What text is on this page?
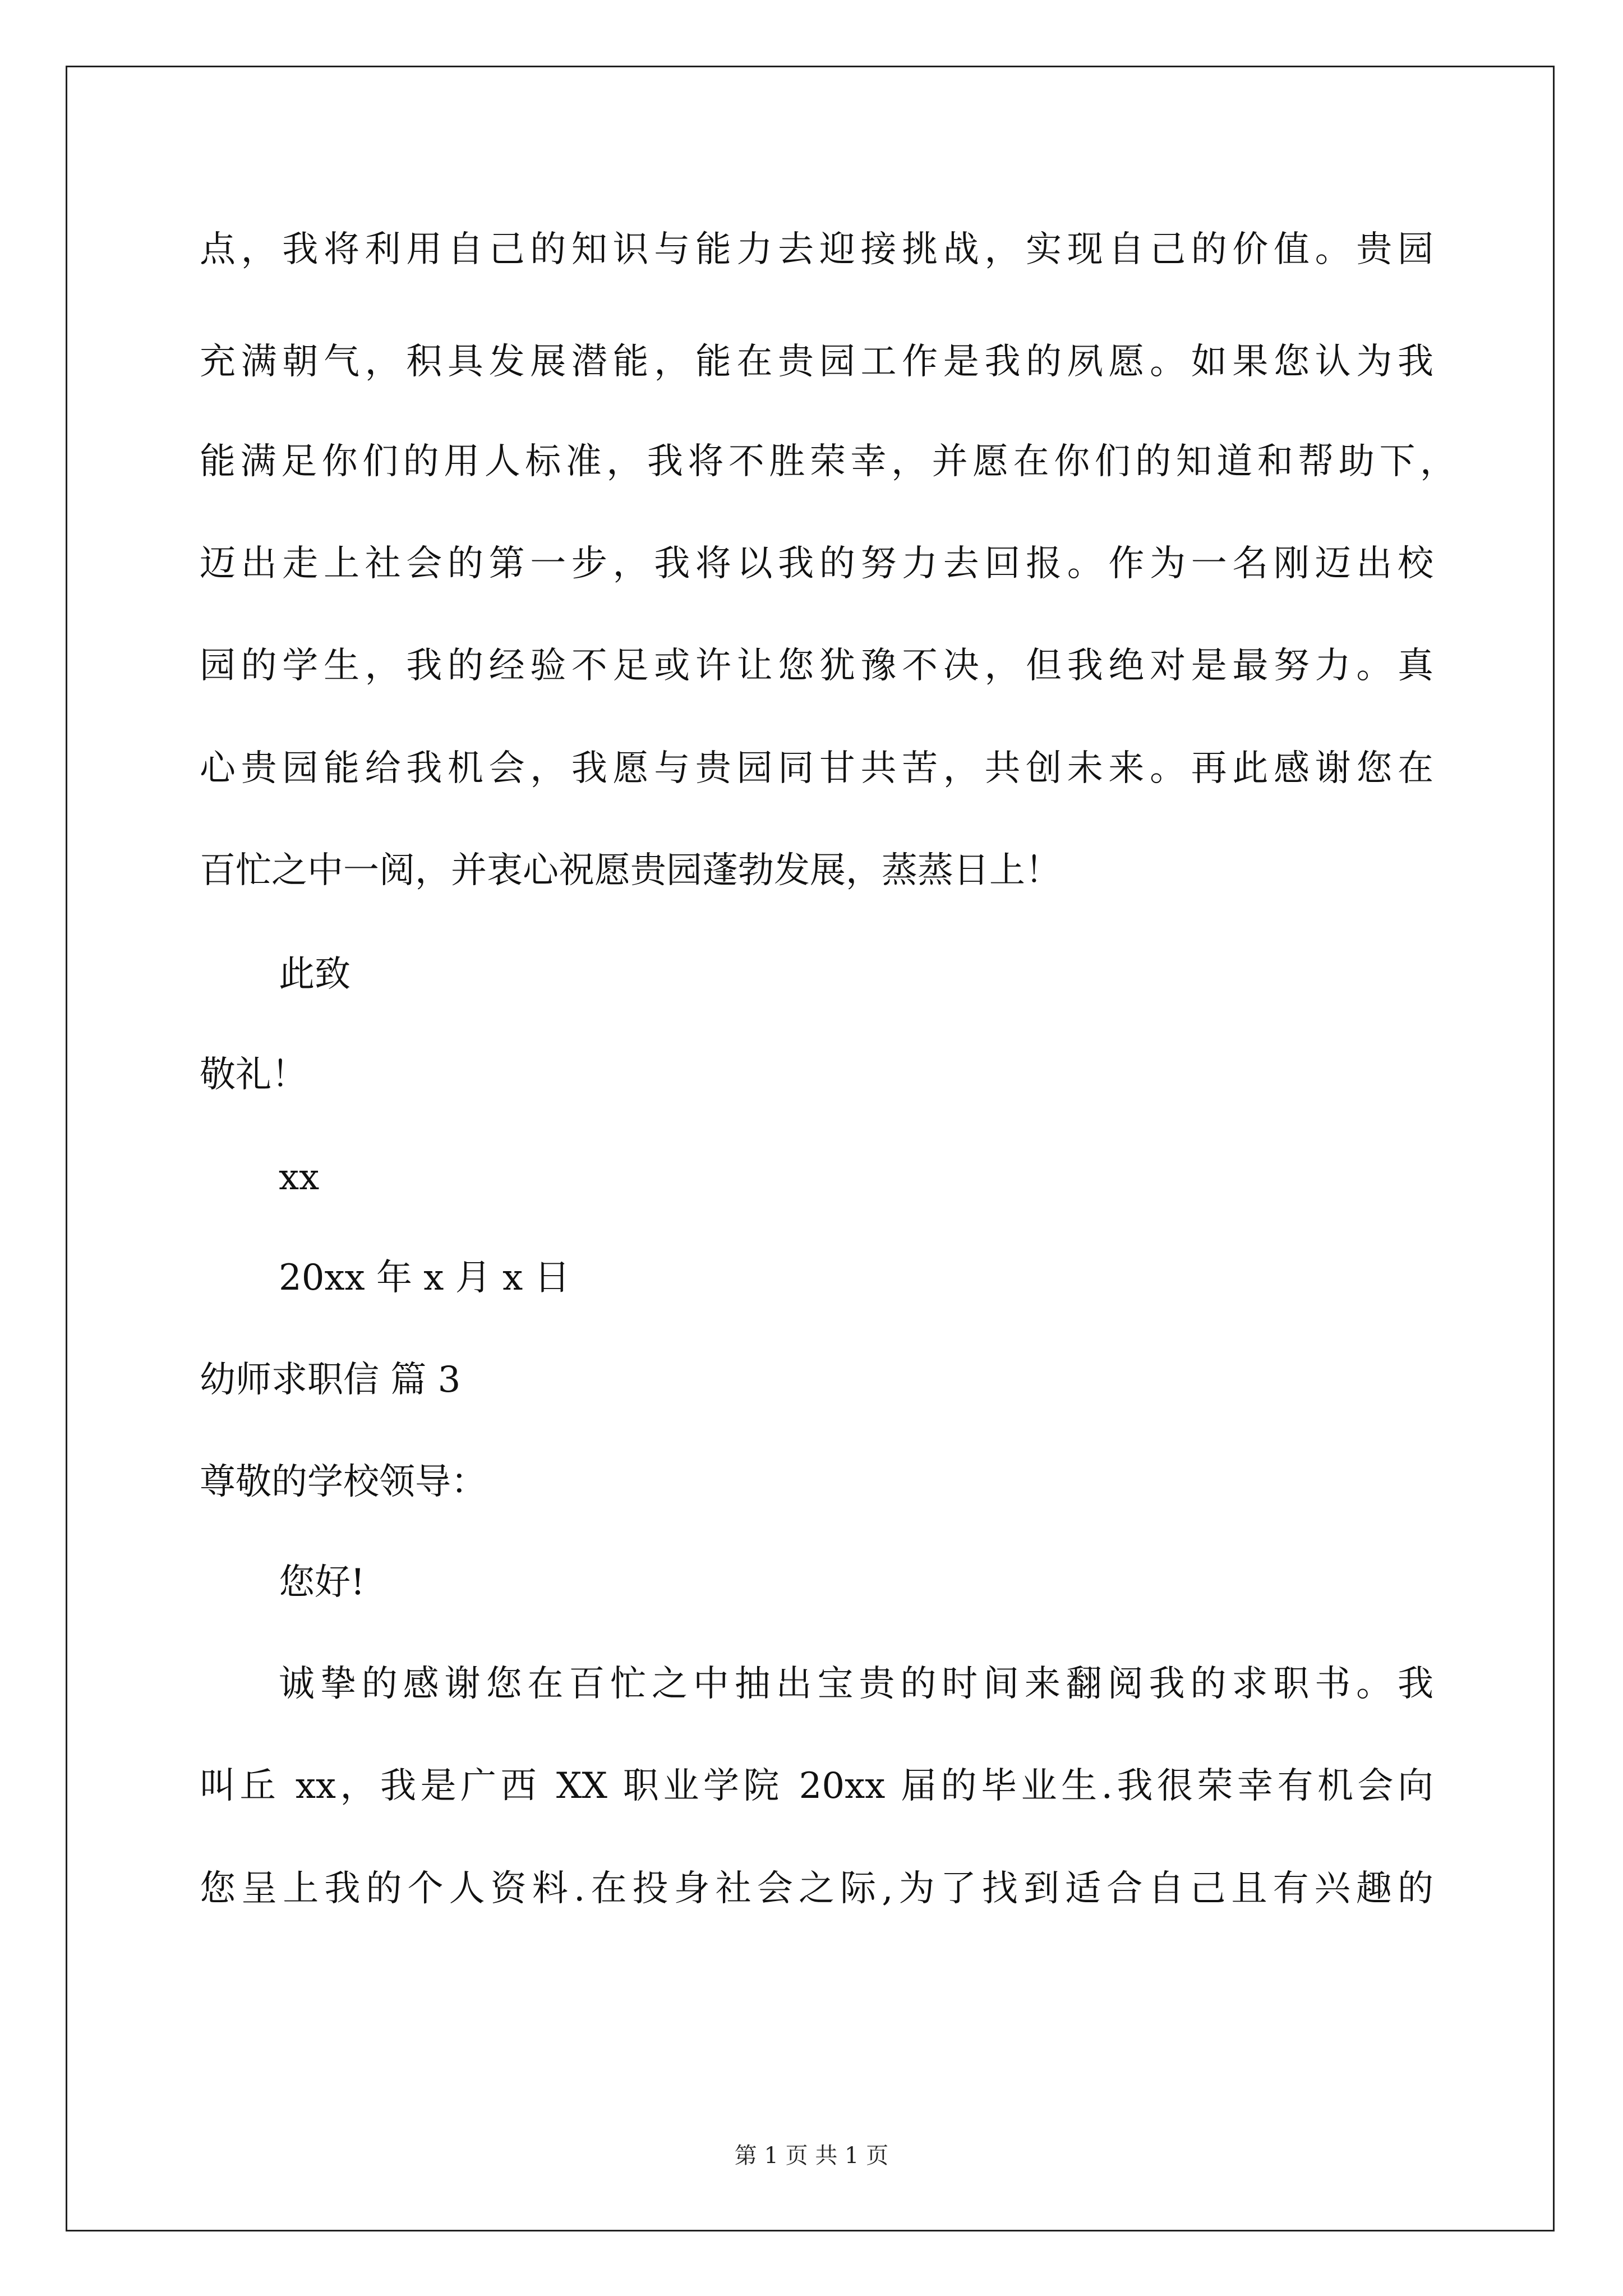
点，我将利用自己的知识与能力去迎接挑战，实现自己的价值。贵园
充满朝气，积具发展潜能，能在贵园工作是我的夙愿。如果您认为我
能满足你们的用人标准，我将不胜荣幸，并愿在你们的知道和帮助下，
迈出走上社会的第一步，我将以我的努力去回报。作为一名刚迈出校
园的学生，我的经验不足或许让您犹豫不决，但我绝对是最努力。真
心贵园能给我机会，我愿与贵园同甘共苦，共创未来。再此感谢您在
百忙之中一阅，并衷心祝愿贵园蓬勃发展，蒸蒸日上！
此致
敬礼！
xx
20xx 年 x 月 x 日
幼师求职信 篇 3
尊敬的学校领导：
您好!
诚挚的感谢您在百忙之中抽出宝贵的时间来翻阅我的求职书。我
叫丘 xx，我是广西 XX 职业学院 20xx 届的毕业生.我很荣幸有机会向
您呈上我的个人资料.在投身社会之际,为了找到适合自己且有兴趣的
第 1 页 共 1 页
